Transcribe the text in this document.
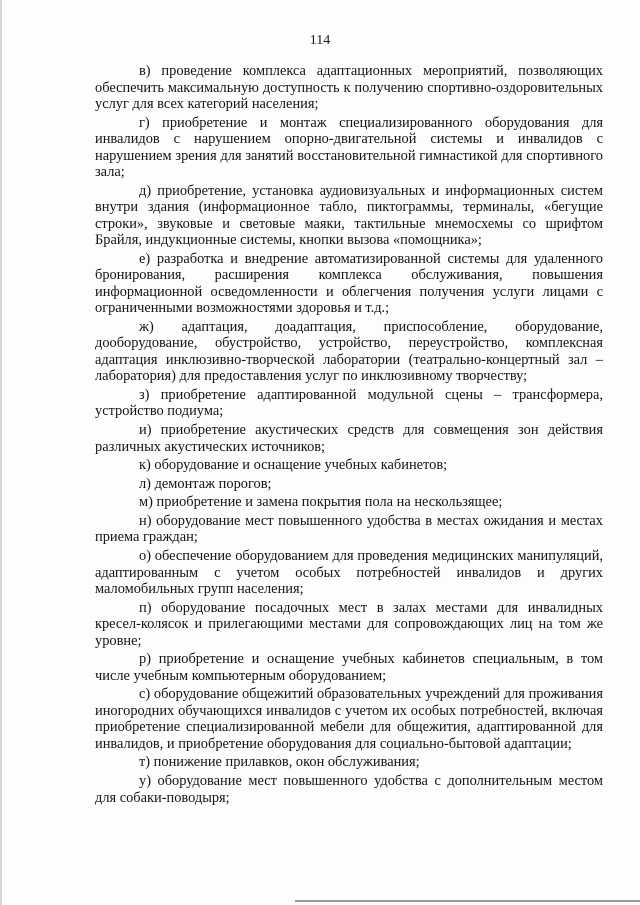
114

в) проведение комплекса адаптационных мероприятий, позволяющих обеспечить максимальную доступность к получению спортивно-оздоровительных услуг для всех категорий населения;

г) приобретение и монтаж специализированного оборудования для инвалидов с нарушением опорно-двигательной системы и инвалидов с нарушением зрения для занятий восстановительной гимнастикой для спортивного зала;

д) приобретение, установка аудиовизуальных и информационных систем внутри здания (информационное табло, пиктограммы, терминалы, «бегущие строки», звуковые и световые маяки, тактильные мнемосхемы со шрифтом Брайля, индукционные системы, кнопки вызова «помощника»;

е) разработка и внедрение автоматизированной системы для удаленного бронирования, расширения комплекса обслуживания, повышения информационной осведомленности и облегчения получения услуги лицами с ограниченными возможностями здоровья и т.д.;

ж) адаптация, доадаптация, приспособление, оборудование, дооборудование, обустройство, устройство, переустройство, комплексная адаптация инклюзивно-творческой лаборатории (театрально-концертный зал – лаборатория) для предоставления услуг по инклюзивному творчеству;

з) приобретение адаптированной модульной сцены – трансформера, устройство подиума;

и) приобретение акустических средств для совмещения зон действия различных акустических источников;

к) оборудование и оснащение учебных кабинетов;

л) демонтаж порогов;

м) приобретение и замена покрытия пола на нескользящее;

н) оборудование мест повышенного удобства в местах ожидания и местах приема граждан;

о) обеспечение оборудованием для проведения медицинских манипуляций, адаптированным с учетом особых потребностей инвалидов и других маломобильных групп населения;

п) оборудование посадочных мест в залах местами для инвалидных кресел-колясок и прилегающими местами для сопровождающих лиц на том же уровне;

р) приобретение и оснащение учебных кабинетов специальным, в том числе учебным компьютерным оборудованием;

с) оборудование общежитий образовательных учреждений для проживания иногородних обучающихся инвалидов с учетом их особых потребностей, включая приобретение специализированной мебели для общежития, адаптированной для инвалидов, и приобретение оборудования для социально-бытовой адаптации;

т) понижение прилавков, окон обслуживания;

у) оборудование мест повышенного удобства с дополнительным местом для собаки-поводыря;
